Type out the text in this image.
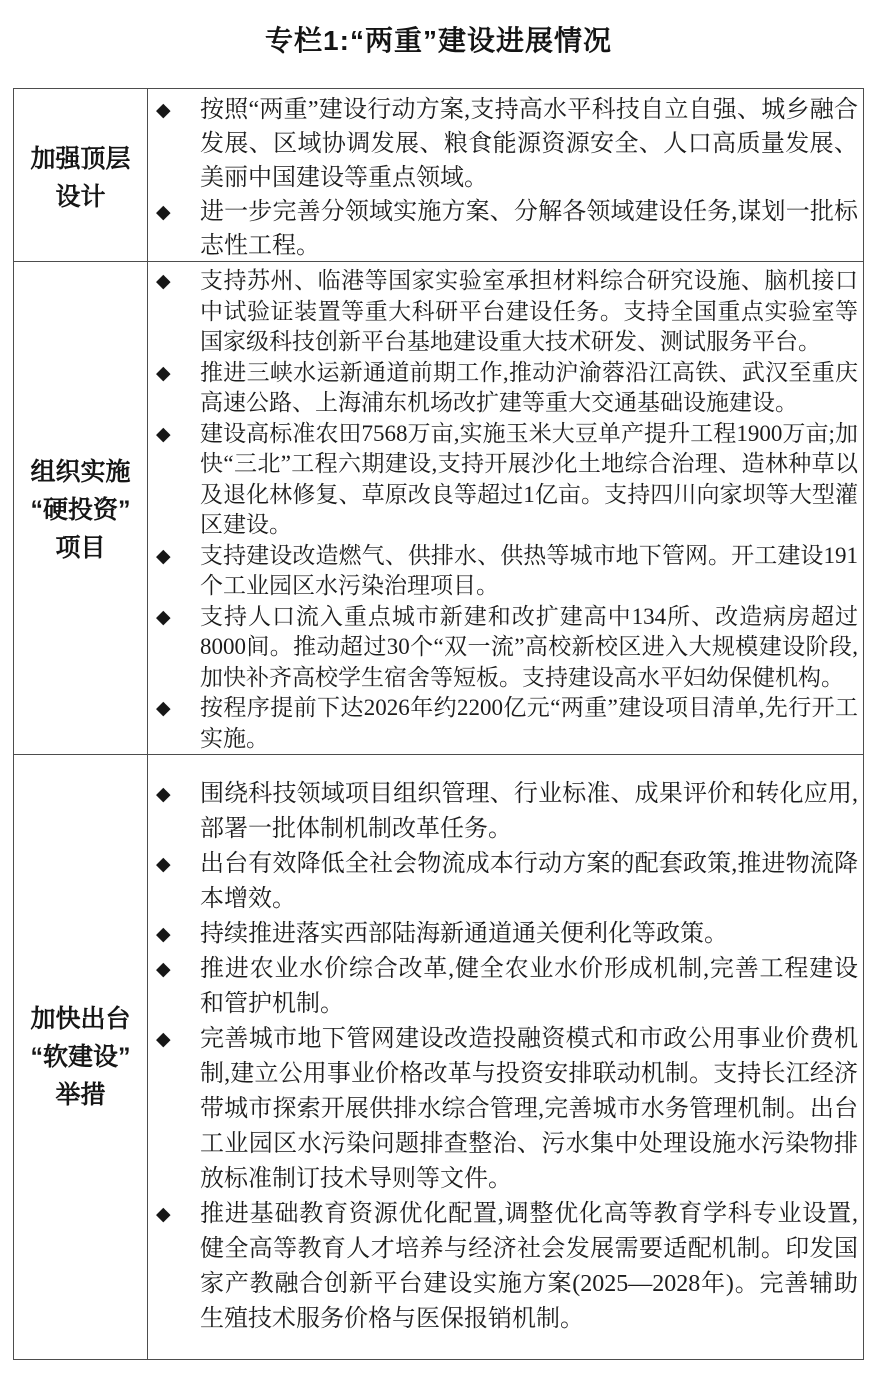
专栏1:“两重”建设进展情况
加强顶层
设计
◆ 按照“两重”建设行动方案,支持高水平科技自立自强、城乡融合发展、区域协调发展、粮食能源资源安全、人口高质量发展、美丽中国建设等重点领域。
◆ 进一步完善分领域实施方案、分解各领域建设任务,谋划一批标志性工程。
组织实施
“硬投资”
项目
◆ 支持苏州、临港等国家实验室承担材料综合研究设施、脑机接口中试验证装置等重大科研平台建设任务。支持全国重点实验室等国家级科技创新平台基地建设重大技术研发、测试服务平台。
◆ 推进三峡水运新通道前期工作,推动沪渝蓉沿江高铁、武汉至重庆高速公路、上海浦东机场改扩建等重大交通基础设施建设。
◆ 建设高标准农田7568万亩,实施玉米大豆单产提升工程1900万亩;加快“三北”工程六期建设,支持开展沙化土地综合治理、造林种草以及退化林修复、草原改良等超过1亿亩。支持四川向家坝等大型灌区建设。
◆ 支持建设改造燃气、供排水、供热等城市地下管网。开工建设191个工业园区水污染治理项目。
◆ 支持人口流入重点城市新建和改扩建高中134所、改造病房超过8000间。推动超过30个“双一流”高校新校区进入大规模建设阶段,加快补齐高校学生宿舍等短板。支持建设高水平妇幼保健机构。
◆ 按程序提前下达2026年约2200亿元“两重”建设项目清单,先行开工实施。
加快出台
“软建设”
举措
◆ 围绕科技领域项目组织管理、行业标准、成果评价和转化应用,部署一批体制机制改革任务。
◆ 出台有效降低全社会物流成本行动方案的配套政策,推进物流降本增效。
◆ 持续推进落实西部陆海新通道通关便利化等政策。
◆ 推进农业水价综合改革,健全农业水价形成机制,完善工程建设和管护机制。
◆ 完善城市地下管网建设改造投融资模式和市政公用事业价费机制,建立公用事业价格改革与投资安排联动机制。支持长江经济带城市探索开展供排水综合管理,完善城市水务管理机制。出台工业园区水污染问题排查整治、污水集中处理设施水污染物排放标准制订技术导则等文件。
◆ 推进基础教育资源优化配置,调整优化高等教育学科专业设置,健全高等教育人才培养与经济社会发展需要适配机制。印发国家产教融合创新平台建设实施方案(2025—2028年)。完善辅助生殖技术服务价格与医保报销机制。
